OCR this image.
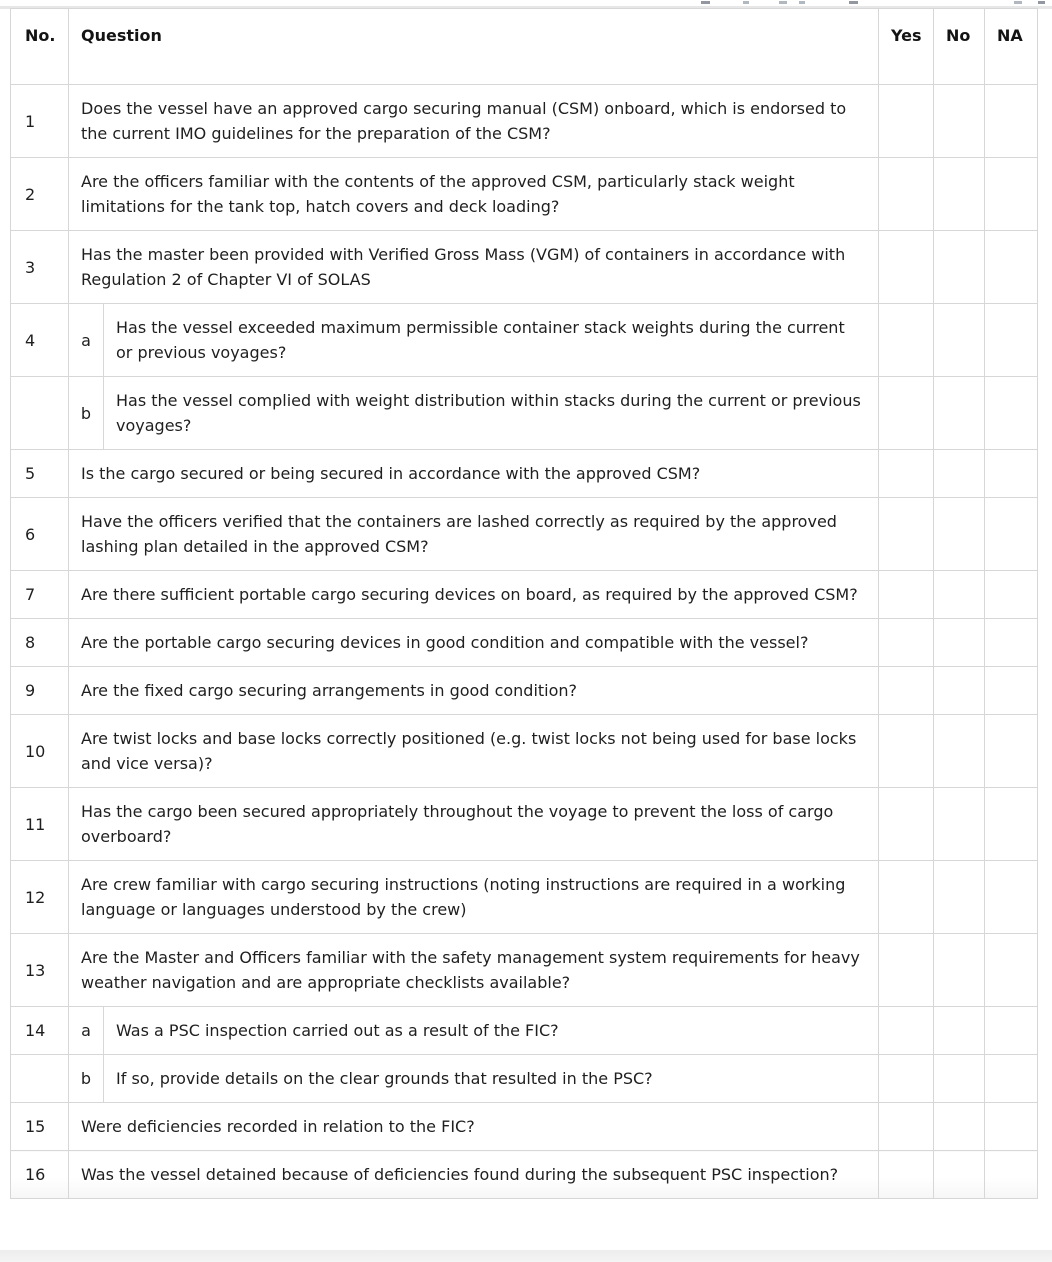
No.	Question		Yes	No	NA
1	Does the vessel have an approved cargo securing manual (CSM) onboard, which is endorsed to the current IMO guidelines for the preparation of the CSM?				
2	Are the officers familiar with the contents of the approved CSM, particularly stack weight limitations for the tank top, hatch covers and deck loading?				
3	Has the master been provided with Verified Gross Mass (VGM) of containers in accordance with Regulation 2 of Chapter VI of SOLAS				
4	a	Has the vessel exceeded maximum permissible container stack weights during the current or previous voyages?			
	b	Has the vessel complied with weight distribution within stacks during the current or previous voyages?			
5	Is the cargo secured or being secured in accordance with the approved CSM?				
6	Have the officers verified that the containers are lashed correctly as required by the approved lashing plan detailed in the approved CSM?				
7	Are there sufficient portable cargo securing devices on board, as required by the approved CSM?				
8	Are the portable cargo securing devices in good condition and compatible with the vessel?				
9	Are the fixed cargo securing arrangements in good condition?				
10	Are twist locks and base locks correctly positioned (e.g. twist locks not being used for base locks and vice versa)?				
11	Has the cargo been secured appropriately throughout the voyage to prevent the loss of cargo overboard?				
12	Are crew familiar with cargo securing instructions (noting instructions are required in a working language or languages understood by the crew)				
13	Are the Master and Officers familiar with the safety management system requirements for heavy weather navigation and are appropriate checklists available?				
14	a	Was a PSC inspection carried out as a result of the FIC?			
	b	If so, provide details on the clear grounds that resulted in the PSC?			
15	Were deficiencies recorded in relation to the FIC?				
16	Was the vessel detained because of deficiencies found during the subsequent PSC inspection?				
